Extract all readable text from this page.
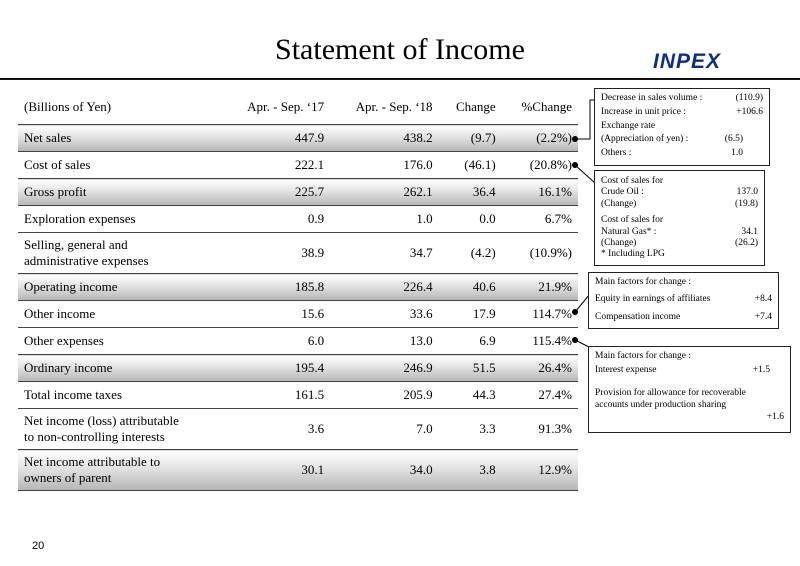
Statement of Income	INPEX
(Billions of Yen)	Apr. - Sep. ‘17	Apr. - Sep. ‘18	Change	%Change
Net sales	447.9	438.2	(9.7)	(2.2%)
Cost of sales	222.1	176.0	(46.1)	(20.8%)
Gross profit	225.7	262.1	36.4	16.1%
Exploration expenses	0.9	1.0	0.0	6.7%
Selling, general and
administrative expenses	38.9	34.7	(4.2)	(10.9%)
Operating income	185.8	226.4	40.6	21.9%
Other income	15.6	33.6	17.9	114.7%
Other expenses	6.0	13.0	6.9	115.4%
Ordinary income	195.4	246.9	51.5	26.4%
Total income taxes	161.5	205.9	44.3	27.4%
Net income (loss) attributable
to non-controlling interests	3.6	7.0	3.3	91.3%
Net income attributable to
owners of parent	30.1	34.0	3.8	12.9%
Decrease in sales volume :	(110.9)
Increase in unit price :	+106.6
Exchange rate
(Appreciation of yen) :	(6.5)
Others :	1.0
Cost of sales for
Crude Oil :	137.0
(Change)	(19.8)
Cost of sales for
Natural Gas* :	34.1
(Change)	(26.2)
* Including LPG
Main factors for change :
Equity in earnings of affiliates	+8.4
Compensation income	+7.4
Main factors for change :
Interest expense	+1.5
Provision for allowance for recoverable
accounts under production sharing
+1.6
20
